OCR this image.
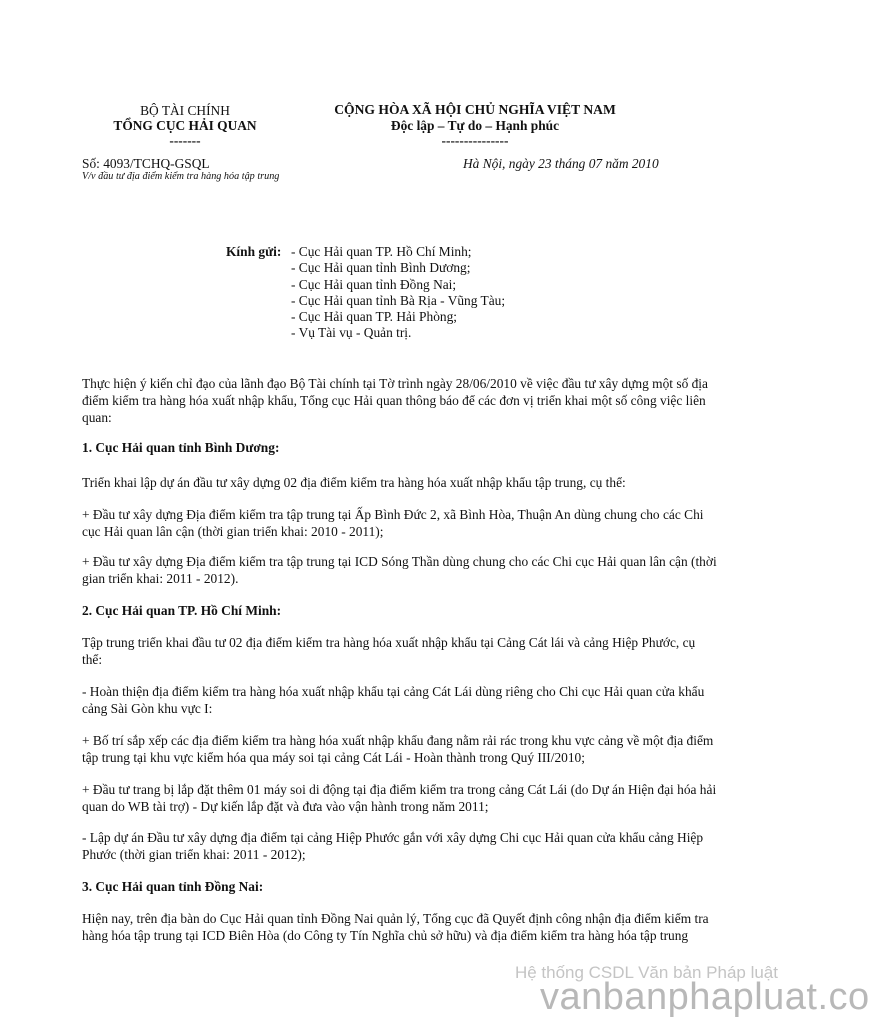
BỘ TÀI CHÍNH
TỔNG CỤC HẢI QUAN
-------
CỘNG HÒA XÃ HỘI CHỦ NGHĨA VIỆT NAM
Độc lập – Tự do – Hạnh phúc
---------------
Số: 4093/TCHQ-GSQL
V/v đầu tư địa điểm kiểm tra hàng hóa tập trung
Hà Nội, ngày 23 tháng 07 năm 2010
Kính gửi: - Cục Hải quan TP. Hồ Chí Minh;
- Cục Hải quan tỉnh Bình Dương;
- Cục Hải quan tỉnh Đồng Nai;
- Cục Hải quan tỉnh Bà Rịa - Vũng Tàu;
- Cục Hải quan TP. Hải Phòng;
- Vụ Tài vụ - Quản trị.
Thực hiện ý kiến chỉ đạo của lãnh đạo Bộ Tài chính tại Tờ trình ngày 28/06/2010 về việc đầu tư xây dựng một số địa điểm kiểm tra hàng hóa xuất nhập khẩu, Tổng cục Hải quan thông báo để các đơn vị triển khai một số công việc liên quan:
1. Cục Hải quan tỉnh Bình Dương:
Triển khai lập dự án đầu tư xây dựng 02 địa điểm kiểm tra hàng hóa xuất nhập khẩu tập trung, cụ thể:
+ Đầu tư xây dựng Địa điểm kiểm tra tập trung tại Ấp Bình Đức 2, xã Bình Hòa, Thuận An dùng chung cho các Chi cục Hải quan lân cận (thời gian triển khai: 2010 - 2011);
+ Đầu tư xây dựng Địa điểm kiểm tra tập trung tại ICD Sóng Thần dùng chung cho các Chi cục Hải quan lân cận (thời gian triển khai: 2011 - 2012).
2. Cục Hải quan TP. Hồ Chí Minh:
Tập trung triển khai đầu tư 02 địa điểm kiểm tra hàng hóa xuất nhập khẩu tại Cảng Cát lái và cảng Hiệp Phước, cụ thể:
- Hoàn thiện địa điểm kiểm tra hàng hóa xuất nhập khẩu tại cảng Cát Lái dùng riêng cho Chi cục Hải quan cửa khẩu cảng Sài Gòn khu vực I:
+ Bố trí sắp xếp các địa điểm kiểm tra hàng hóa xuất nhập khẩu đang nằm rải rác trong khu vực cảng về một địa điểm tập trung tại khu vực kiểm hóa qua máy soi tại cảng Cát Lái - Hoàn thành trong Quý III/2010;
+ Đầu tư trang bị lắp đặt thêm 01 máy soi di động tại địa điểm kiểm tra trong cảng Cát Lái (do Dự án Hiện đại hóa hải quan do WB tài trợ) - Dự kiến lắp đặt và đưa vào vận hành trong năm 2011;
- Lập dự án Đầu tư xây dựng địa điểm tại cảng Hiệp Phước gắn với xây dựng Chi cục Hải quan cửa khẩu cảng Hiệp Phước (thời gian triển khai: 2011 - 2012);
3. Cục Hải quan tỉnh Đồng Nai:
Hiện nay, trên địa bàn do Cục Hải quan tỉnh Đồng Nai quản lý, Tổng cục đã Quyết định công nhận địa điểm kiểm tra hàng hóa tập trung tại ICD Biên Hòa (do Công ty Tín Nghĩa chủ sở hữu) và địa điểm kiểm tra hàng hóa tập trung
Hệ thống CSDL Văn bản Pháp luật
vanbanphapluat.co
